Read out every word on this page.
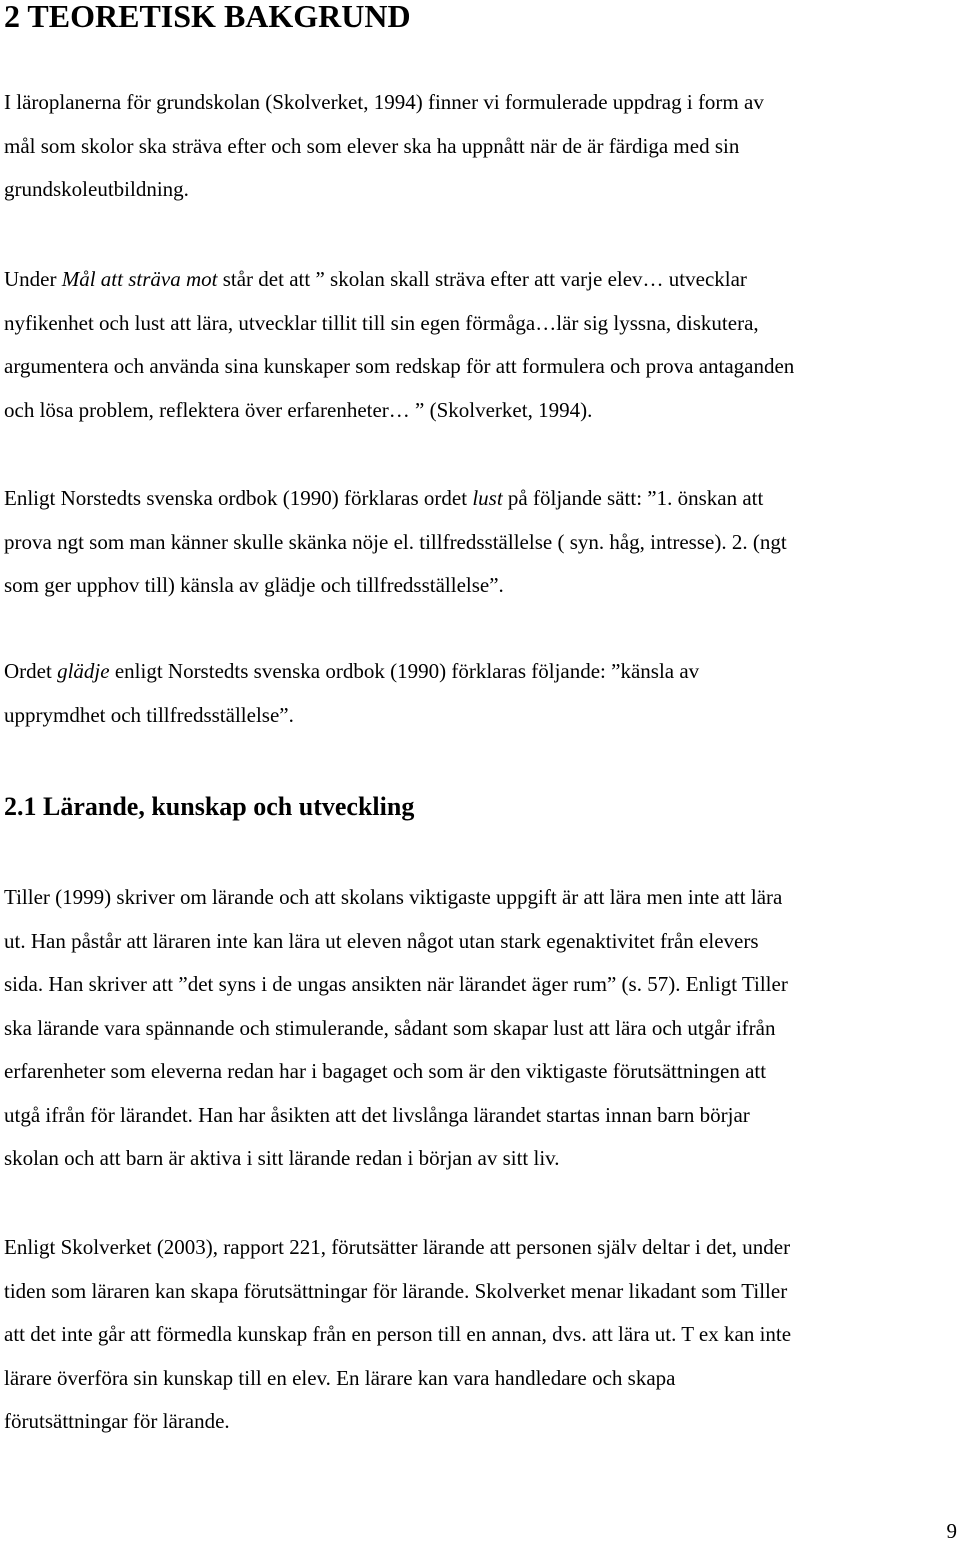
2 TEORETISK BAKGRUND
I läroplanerna för grundskolan (Skolverket, 1994) finner vi formulerade uppdrag i form av
mål som skolor ska sträva efter och som elever ska ha uppnått när de är färdiga med sin
grundskoleutbildning.
Under Mål att sträva mot står det att ” skolan skall sträva efter att varje elev… utvecklar
nyfikenhet och lust att lära, utvecklar tillit till sin egen förmåga…lär sig lyssna, diskutera,
argumentera och använda sina kunskaper som redskap för att formulera och prova antaganden
och lösa problem, reflektera över erfarenheter… ” (Skolverket, 1994).
Enligt Norstedts svenska ordbok (1990) förklaras ordet lust på följande sätt: ”1. önskan att
prova ngt som man känner skulle skänka nöje el. tillfredsställelse ( syn. håg, intresse). 2. (ngt
som ger upphov till) känsla av glädje och tillfredsställelse”.
Ordet glädje enligt Norstedts svenska ordbok (1990) förklaras följande: ”känsla av
upprymdhet och tillfredsställelse”.
2.1 Lärande, kunskap och utveckling
Tiller (1999) skriver om lärande och att skolans viktigaste uppgift är att lära men inte att lära
ut. Han påstår att läraren inte kan lära ut eleven något utan stark egenaktivitet från elevers
sida. Han skriver att ”det syns i de ungas ansikten när lärandet äger rum” (s. 57). Enligt Tiller
ska lärande vara spännande och stimulerande, sådant som skapar lust att lära och utgår ifrån
erfarenheter som eleverna redan har i bagaget och som är den viktigaste förutsättningen att
utgå ifrån för lärandet. Han har åsikten att det livslånga lärandet startas innan barn börjar
skolan och att barn är aktiva i sitt lärande redan i början av sitt liv.
Enligt Skolverket (2003), rapport 221, förutsätter lärande att personen själv deltar i det, under
tiden som läraren kan skapa förutsättningar för lärande. Skolverket menar likadant som Tiller
att det inte går att förmedla kunskap från en person till en annan, dvs. att lära ut. T ex kan inte
lärare överföra sin kunskap till en elev. En lärare kan vara handledare och skapa
förutsättningar för lärande.
9
